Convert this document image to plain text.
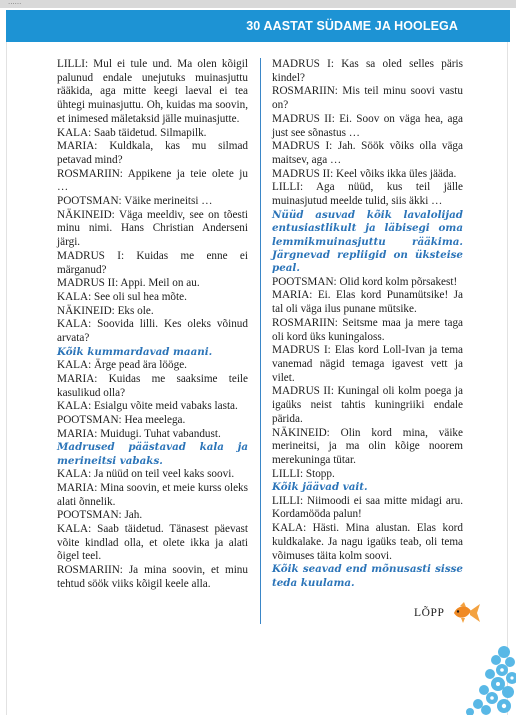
......
30 AASTAT SÜDAME JA HOOLEGA

LILLI: Mul ei tule und. Ma olen kõigil palunud endale unejutuks muinasjuttu rääkida, aga mitte keegi laeval ei tea ühtegi muinasjuttu. Oh, kuidas ma soovin, et inimesed mäletaksid jälle muinasjutte.

KALA: Saab täidetud. Silmapilk.

MARIA: Kuldkala, kas mu silmad petavad mind?

ROSMARIIN: Appikene ja teie olete ju …

POOTSMAN: Väike merineitsi …

NÄKINEID: Väga meeldiv, see on tõesti minu nimi. Hans Christian Anderseni järgi.

MADRUS I: Kuidas me enne ei märganud?

MADRUS II: Appi. Meil on au.

KALA: See oli sul hea mõte.

NÄKINEID: Eks ole.

KALA: Soovida lilli. Kes oleks võinud arvata?

Kõik kummardavad maani.

KALA: Ärge pead ära lööge.

MARIA: Kuidas me saaksime teile kasulikud olla?

KALA: Esialgu võite meid vabaks lasta.

POOTSMAN: Hea meelega.

MARIA: Muidugi. Tuhat vabandust.

Madrused päästavad kala ja merineitsi vabaks.

KALA: Ja nüüd on teil veel kaks soovi.

MARIA: Mina soovin, et meie kurss oleks alati õnnelik.

POOTSMAN: Jah.

KALA: Saab täidetud. Tänasest päevast võite kindlad olla, et olete ikka ja alati õigel teel.

ROSMARIIN: Ja mina soovin, et minu tehtud söök viiks kõigil keele alla.

MADRUS I: Kas sa oled selles päris kindel?

ROSMARIIN: Mis teil minu soovi vastu on?

MADRUS II: Ei. Soov on väga hea, aga just see sõnastus …

MADRUS I: Jah. Söök võiks olla väga maitsev, aga …

MADRUS II: Keel võiks ikka üles jääda.

LILLI: Aga nüüd, kus teil jälle muinasjutud meelde tulid, siis äkki …

Nüüd asuvad kõik lavalolijad entusiastlikult ja läbisegi oma lemmikmuinasjuttu rääkima. Järgnevad repliigid on üksteise peal.

POOTSMAN: Olid kord kolm põrsakest!

MARIA: Ei. Elas kord Punamütsike! Ja tal oli väga ilus punane mütsike.

ROSMARIIN: Seitsme maa ja mere taga oli kord üks kuningaloss.

MADRUS I: Elas kord Loll-Ivan ja tema vanemad nägid temaga igavest vett ja vilet.

MADRUS II: Kuningal oli kolm poega ja igaüks neist tahtis kuningriiki endale pärida.

NÄKINEID: Olin kord mina, väike merineitsi, ja ma olin kõige noorem merekuninga tütar.

LILLI: Stopp.

Kõik jäävad vait.

LILLI: Niimoodi ei saa mitte midagi aru. Kordamööda palun!

KALA: Hästi. Mina alustan. Elas kord kuldkalake. Ja nagu igaüks teab, oli tema võimuses täita kolm soovi.

Kõik seavad end mõnusasti sisse teda kuulama.

LÕPP
